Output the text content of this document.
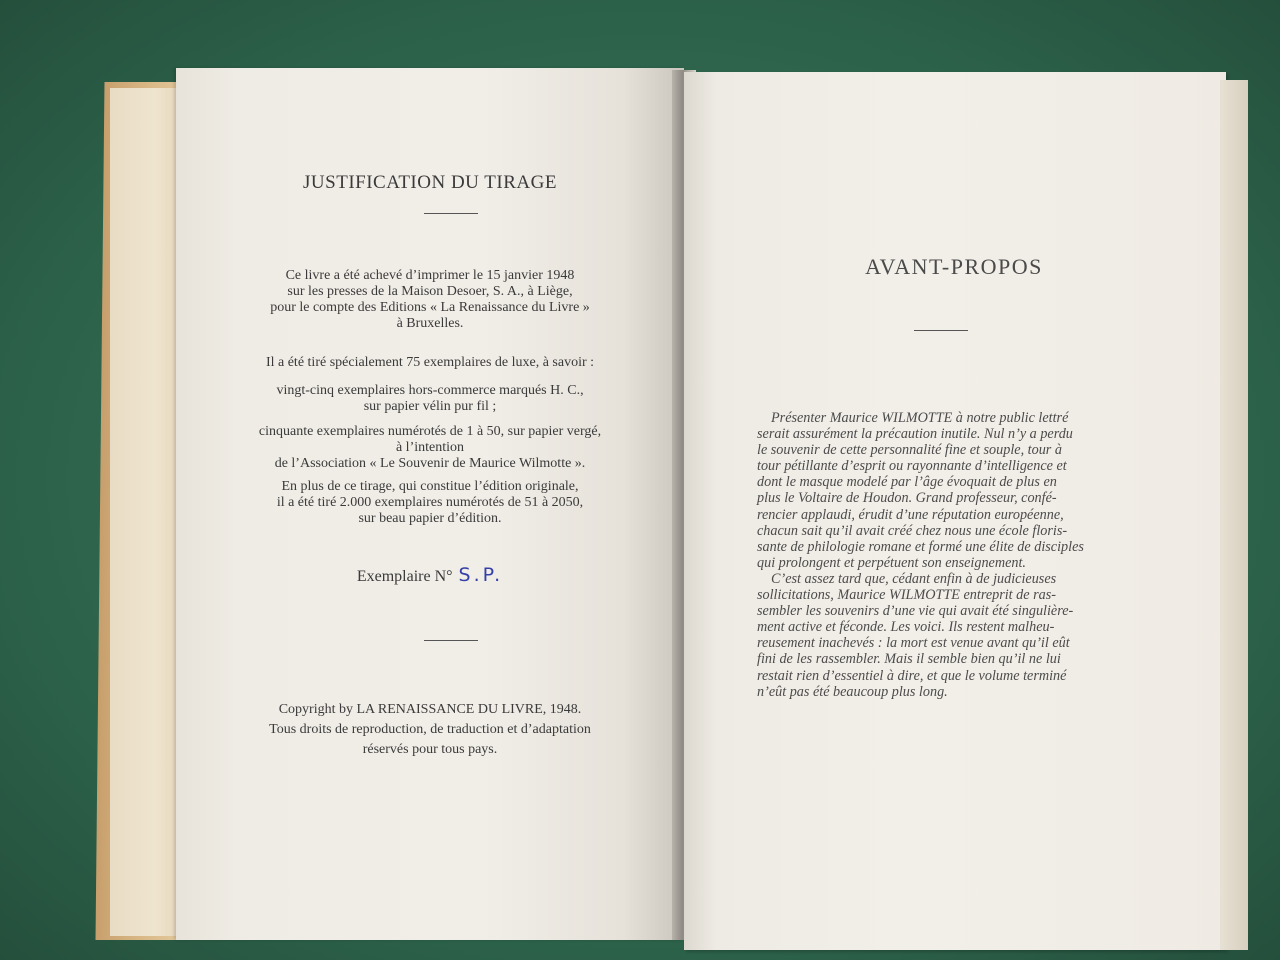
JUSTIFICATION DU TIRAGE
Ce livre a été achevé d’imprimer le 15 janvier 1948
sur les presses de la Maison Desoer, S. A., à Liège,
pour le compte des Editions « La Renaissance du Livre »
à Bruxelles.
Il a été tiré spécialement 75 exemplaires de luxe, à savoir :
vingt-cinq exemplaires hors-commerce marqués H. C.,
sur papier vélin pur fil ;
cinquante exemplaires numérotés de 1 à 50, sur papier vergé,
à l’intention
de l’Association « Le Souvenir de Maurice Wilmotte ».
En plus de ce tirage, qui constitue l’édition originale,
il a été tiré 2.000 exemplaires numérotés de 51 à 2050,
sur beau papier d’édition.
Exemplaire N° S.P.
Copyright by LA RENAISSANCE DU LIVRE, 1948.
Tous droits de reproduction, de traduction et d’adaptation
réservés pour tous pays.
AVANT-PROPOS
Présenter Maurice WILMOTTE à notre public lettré
serait assurément la précaution inutile. Nul n’y a perdu
le souvenir de cette personnalité fine et souple, tour à
tour pétillante d’esprit ou rayonnante d’intelligence et
dont le masque modelé par l’âge évoquait de plus en
plus le Voltaire de Houdon. Grand professeur, confé-
rencier applaudi, érudit d’une réputation européenne,
chacun sait qu’il avait créé chez nous une école floris-
sante de philologie romane et formé une élite de disciples
qui prolongent et perpétuent son enseignement.
C’est assez tard que, cédant enfin à de judicieuses
sollicitations, Maurice WILMOTTE entreprit de ras-
sembler les souvenirs d’une vie qui avait été singulière-
ment active et féconde. Les voici. Ils restent malheu-
reusement inachevés : la mort est venue avant qu’il eût
fini de les rassembler. Mais il semble bien qu’il ne lui
restait rien d’essentiel à dire, et que le volume terminé
n’eût pas été beaucoup plus long.
